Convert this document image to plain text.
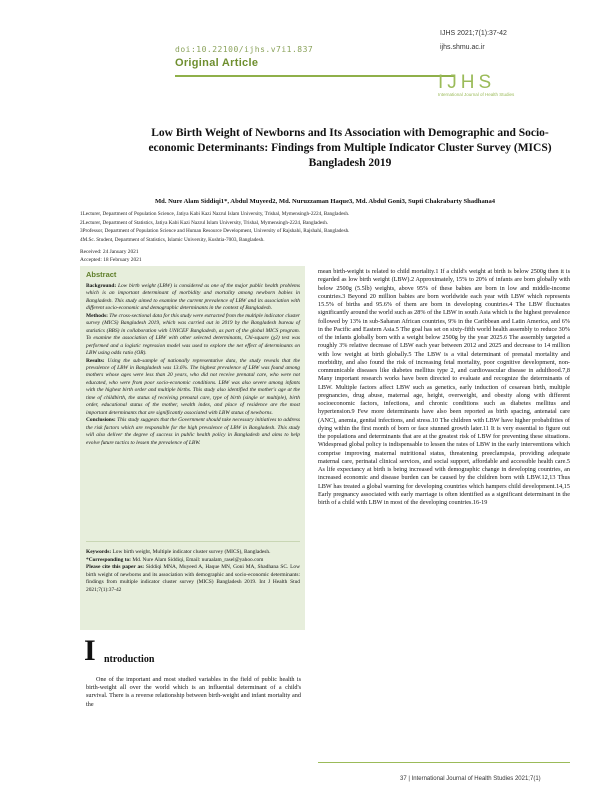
doi:10.22100/ijhs.v7i1.837
Original Article
IJHS 2021;7(1):37-42
ijhs.shmu.ac.ir
IJHS
International Journal of Health Studies
Low Birth Weight of Newborns and Its Association with Demographic and Socio-economic Determinants: Findings from Multiple Indicator Cluster Survey (MICS) Bangladesh 2019
Md. Nure Alam Siddiqi1*, Abdul Muyeed2, Md. Nuruzzaman Haque3, Md. Abdul Goni3, Supti Chakrabarty Shadhana4
1Lecturer, Department of Population Science, Jatiya Kabi Kazi Nazrul Islam University, Trishal, Mymensingh-2224, Bangladesh.
2Lecturer, Department of Statistics, Jatiya Kabi Kazi Nazrul Islam University, Trishal, Mymensingh-2224, Bangladesh.
3Professor, Department of Population Science and Human Resource Development, University of Rajshahi, Rajshahi, Bangladesh.
4M.Sc. Student, Department of Statistics, Islamic University, Kushtia-7003, Bangladesh.
Received: 24 January 2021
Accepted: 18 February 2021
Abstract

Background: Low birth weight (LBW) is considered as one of the major public health problems which is an important determinant of morbidity and mortality among newborn babies in Bangladesh. This study aimed to examine the current prevalence of LBW and its association with different socio-economic and demographic determinants in the context of Bangladesh.

Methods: The cross-sectional data for this study were extracted from the multiple indicator cluster survey (MICS) Bangladesh 2019, which was carried out in 2019 by the Bangladesh bureau of statistics (BBS) in collaboration with UNICEF Bangladesh, as part of the global MICS program. To examine the association of LBW with other selected determinants, Chi-square (χ2) test was performed and a logistic regression model was used to explore the net effect of determinants on LBW using odds ratio (OR).

Results: Using the sub-sample of nationally representative data, the study reveals that the prevalence of LBW in Bangladesh was 13.6%. The highest prevalence of LBW was found among mothers whose ages were less than 20 years, who did not receive prenatal care, who were not educated, who were from poor socio-economic conditions. LBW was also severe among infants with the highest birth order and multiple births. This study also identified the mother's age at the time of childbirth, the status of receiving prenatal care, type of birth (single or multiple), birth order, educational status of the mother, wealth index, and place of residence are the most important determinants that are significantly associated with LBW status of newborns.

Conclusions: This study suggests that the Government should take necessary initiatives to address the risk factors which are responsible for the high prevalence of LBW in Bangladesh. This study will also deliver the degree of success in public health policy in Bangladesh and aims to help evolve future tactics to lessen the prevalence of LBW.

Keywords: Low birth weight, Multiple indicator cluster survey (MICS), Bangladesh.

*Corresponding to: Md. Nure Alam Siddiqi, Email: nuraalam_rasel@yahoo.com

Please cite this paper as: Siddiqi MNA, Muyeed A, Haque MN, Goni MA, Shadhana SC. Low birth weight of newborns and its association with demographic and socio-economic determinants: findings from multiple indicator cluster survey (MICS) Bangladesh 2019. Int J Health Stud 2021;7(1):37-42

I ntroduction
One of the important and most studied variables in the field of public health is birth-weight all over the world which is an influential determinant of a child's survival. There is a reverse relationship between birth-weight and infant mortality and the

mean birth-weight is related to child mortality.1 If a child's weight at birth is below 2500g then it is regarded as low birth weight (LBW).2 Approximately, 15% to 20% of infants are born globally with below 2500g (5.5lb) weights, above 95% of these babies are born in low and middle-income countries.3 Beyond 20 million babies are born worldwide each year with LBW which represents 15.5% of births and 95.6% of them are born in developing countries.4 The LBW fluctuates significantly around the world such as 28% of the LBW in south Asia which is the highest prevalence followed by 13% in sub-Saharan African countries, 9% in the Caribbean and Latin America, and 6% in the Pacific and Eastern Asia.5 The goal has set on sixty-fifth world health assembly to reduce 30% of the infants globally born with a weight below 2500g by the year 2025.6 The assembly targeted a roughly 3% relative decrease of LBW each year between 2012 and 2025 and decrease to 14 million with low weight at birth globally.5 The LBW is a vital determinant of prenatal mortality and morbidity, and also found the risk of increasing fetal mortality, poor cognitive development, non-communicable diseases like diabetes mellitus type 2, and cardiovascular disease in adulthood.7,8 Many important research works have been directed to evaluate and recognize the determinants of LBW. Multiple factors affect LBW such as genetics, early induction of cesarean birth, multiple pregnancies, drug abuse, maternal age, height, overweight, and obesity along with different socioeconomic factors, infections, and chronic conditions such as diabetes mellitus and hypertension.9 Few more determinants have also been reported as birth spacing, antenatal care (ANC), anemia, genital infections, and stress.10 The children with LBW have higher probabilities of dying within the first month of born or face stunned growth later.11 It is very essential to figure out the populations and determinants that are at the greatest risk of LBW for preventing these situations. Widespread global policy is indispensable to lessen the rates of LBW in the early interventions which comprise improving maternal nutritional status, threatening preeclampsia, providing adequate maternal care, perinatal clinical services, and social support, affordable and accessible health care.5 As life expectancy at birth is being increased with demographic change in developing countries, an increased economic and disease burden can be caused by the children born with LBW.12,13 Thus LBW has treated a global warning for developing countries which hampers child development.14,15 Early pregnancy associated with early marriage is often identified as a significant determinant in the birth of a child with LBW in most of the developing countries.16-19

37 | International Journal of Health Studies 2021;7(1)
